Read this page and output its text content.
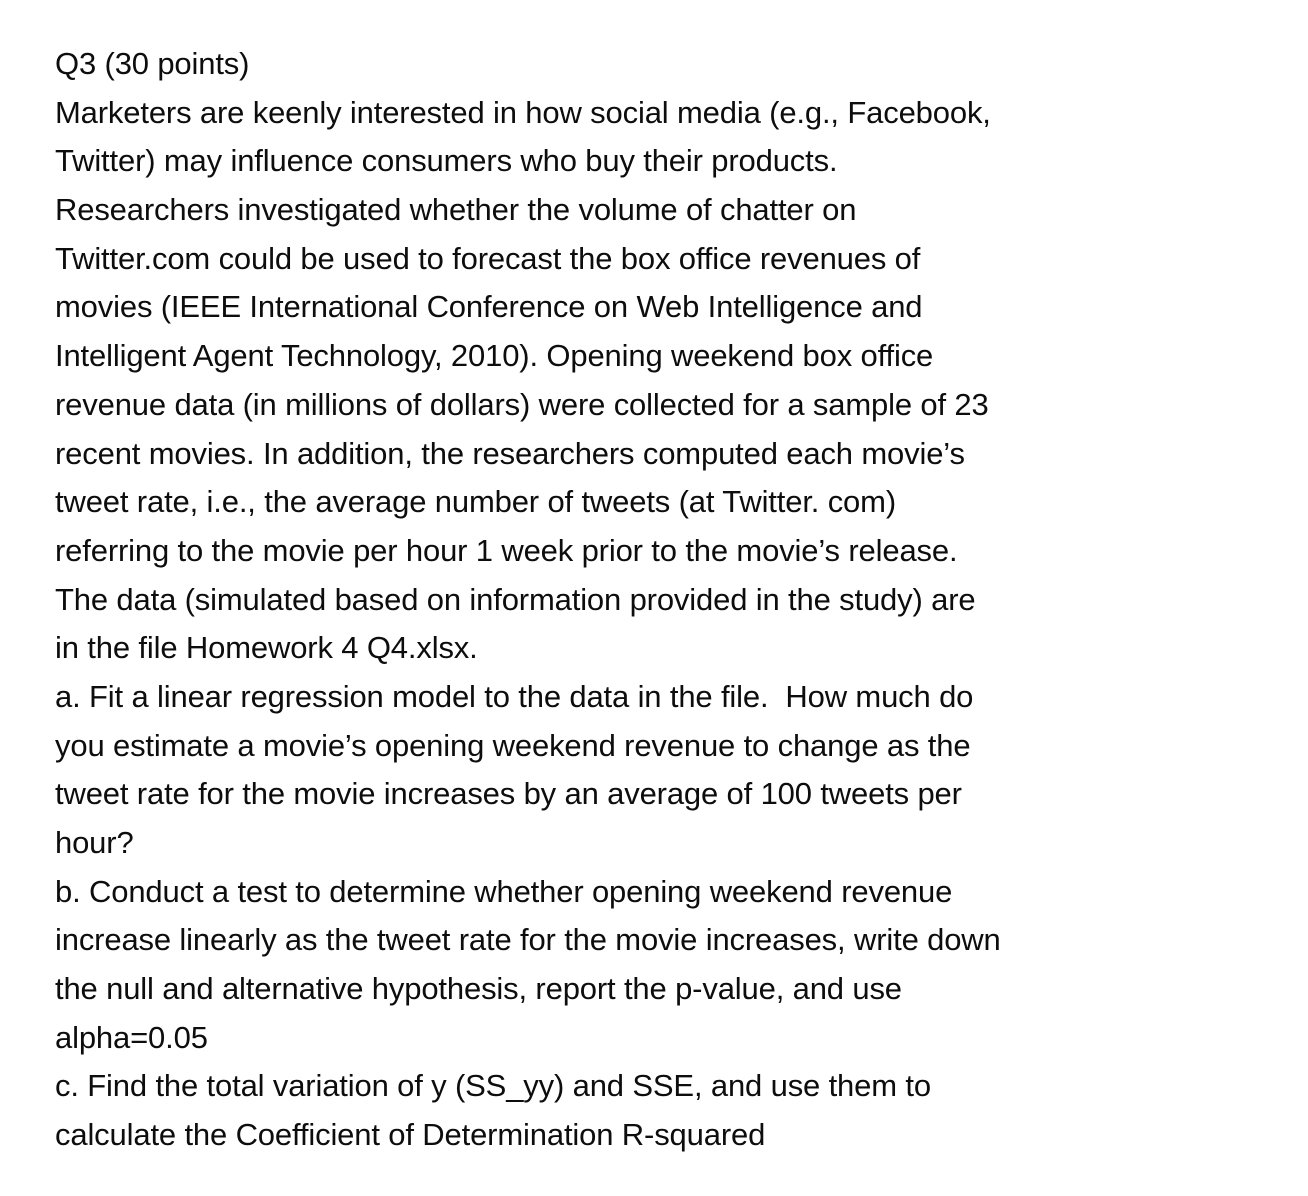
Q3 (30 points)
Marketers are keenly interested in how social media (e.g., Facebook,
Twitter) may influence consumers who buy their products.
Researchers investigated whether the volume of chatter on
Twitter.com could be used to forecast the box office revenues of
movies (IEEE International Conference on Web Intelligence and
Intelligent Agent Technology, 2010). Opening weekend box office
revenue data (in millions of dollars) were collected for a sample of 23
recent movies. In addition, the researchers computed each movie’s
tweet rate, i.e., the average number of tweets (at Twitter. com)
referring to the movie per hour 1 week prior to the movie’s release.
The data (simulated based on information provided in the study) are
in the file Homework 4 Q4.xlsx.
a. Fit a linear regression model to the data in the file.  How much do
you estimate a movie’s opening weekend revenue to change as the
tweet rate for the movie increases by an average of 100 tweets per
hour?
b. Conduct a test to determine whether opening weekend revenue
increase linearly as the tweet rate for the movie increases, write down
the null and alternative hypothesis, report the p-value, and use
alpha=0.05
c. Find the total variation of y (SS_yy) and SSE, and use them to
calculate the Coefficient of Determination R-squared
